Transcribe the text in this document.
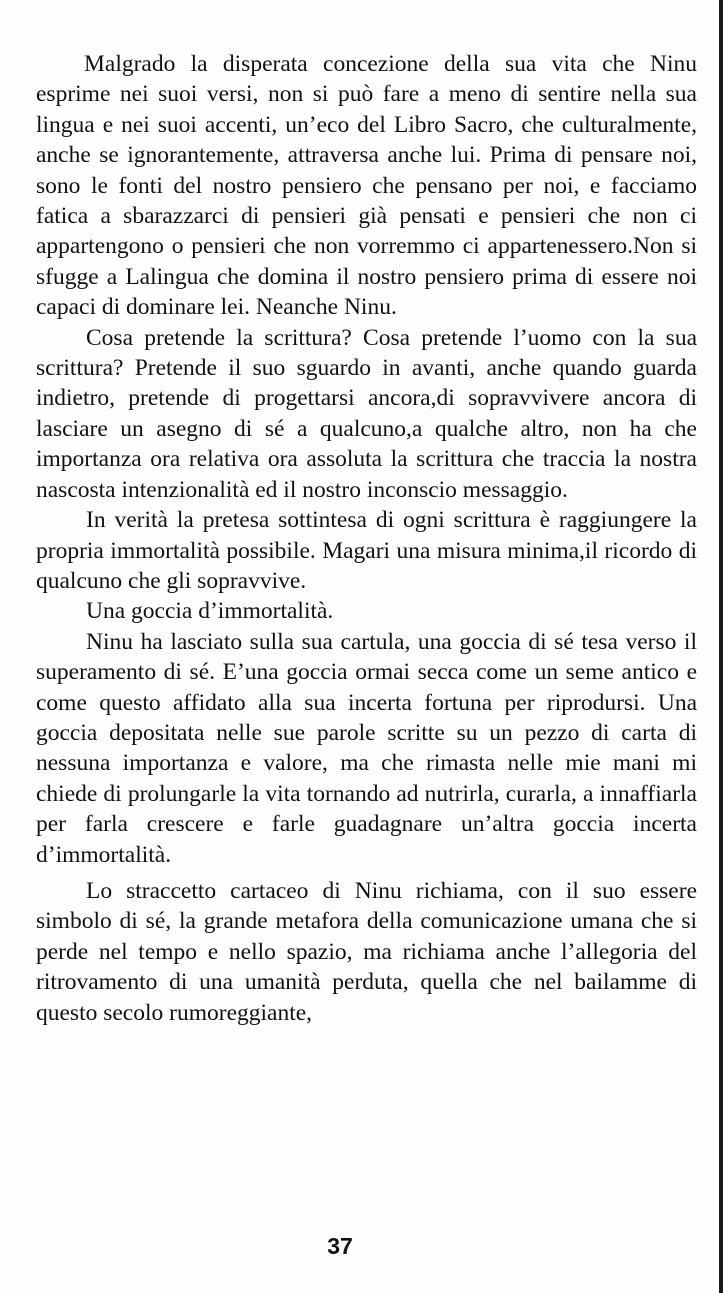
Malgrado la disperata concezione della sua vita che Ninu esprime nei suoi versi, non si può fare a meno di sentire nella sua lingua e nei suoi accenti, un’eco del Libro Sacro, che culturalmente, anche se ignorantemente, attraversa anche lui. Prima di pensare noi, sono le fonti del nostro pensiero che pensano per noi, e facciamo fatica a sbarazzarci di pensieri già pensati e pensieri che non ci appartengono o pensieri che non vorremmo ci appartenessero.Non si sfugge a Lalingua che domina il nostro pensiero prima di essere noi capaci di dominare lei. Neanche Ninu.

Cosa pretende la scrittura? Cosa pretende l’uomo con la sua scrittura? Pretende il suo sguardo in avanti, anche quando guarda indietro, pretende di progettarsi ancora,di sopravvivere ancora di lasciare un asegno di sé a qualcuno,a qualche altro, non ha che importanza ora relativa ora assoluta la scrittura che traccia la nostra nascosta intenzionalità ed il nostro inconscio messaggio.

In verità la pretesa sottintesa di ogni scrittura è raggiungere la propria immortalità possibile. Magari una misura minima,il ricordo di qualcuno che gli sopravvive.

Una goccia d’immortalità.

Ninu ha lasciato sulla sua cartula, una goccia di sé tesa verso il superamento di sé. E’una goccia ormai secca come un seme antico e come questo affidato alla sua incerta fortuna per riprodursi. Una goccia depositata nelle sue parole scritte su un pezzo di carta di nessuna importanza e valore, ma che rimasta nelle mie mani mi chiede di prolungarle la vita tornando ad nutrirla, curarla, a innaffiarla per farla crescere e farle guadagnare un’altra goccia incerta d’immortalità.

Lo straccetto cartaceo di Ninu richiama, con il suo essere simbolo di sé, la grande metafora della comunicazione umana che si perde nel tempo e nello spazio, ma richiama anche l’allegoria del ritrovamento di una umanità perduta, quella che nel bailamme di questo secolo rumoreggiante,

37
